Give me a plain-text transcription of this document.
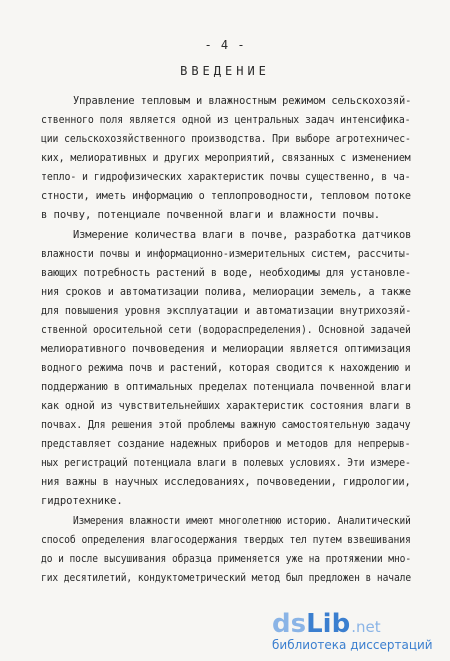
- 4 -
ВВЕДЕНИЕ
Управление тепловым и влажностным режимом сельскохозяй-
ственного поля является одной из центральных задач интенсифика-
ции сельскохозяйственного производства. При выборе агротехничес-
ких, мелиоративных и других мероприятий, связанных с изменением
тепло- и гидрофизических характеристик почвы существенно, в ча-
стности, иметь информацию о теплопроводности, тепловом потоке
в почву, потенциале почвенной влаги и влажности почвы.
Измерение количества влаги в почве, разработка датчиков
влажности почвы и информационно-измерительных систем, рассчиты-
вающих потребность растений в воде, необходимы для установле-
ния сроков и автоматизации полива, мелиорации земель, а также
для повышения уровня эксплуатации и автоматизации внутрихозяй-
ственной оросительной сети (водораспределения). Основной задачей
мелиоративного почвоведения и мелиорации является оптимизация
водного режима почв и растений, которая сводится к нахождению и
поддержанию в оптимальных пределах потенциала почвенной влаги
как одной из чувствительнейших характеристик состояния влаги в
почвах. Для решения этой проблемы важную самостоятельную задачу
представляет создание надежных приборов и методов для непрерыв-
ных регистраций потенциала влаги в полевых условиях. Эти измере-
ния важны в научных исследованиях, почвоведении, гидрологии,
гидротехнике.
Измерения влажности имеют многолетнюю историю. Аналитический
способ определения влагосодержания твердых тел путем взвешивания
до и после высушивания образца применяется уже на протяжении мно-
гих десятилетий, кондуктометрический метод был предложен в начале
ds Lib .net
библиотека диссертаций
